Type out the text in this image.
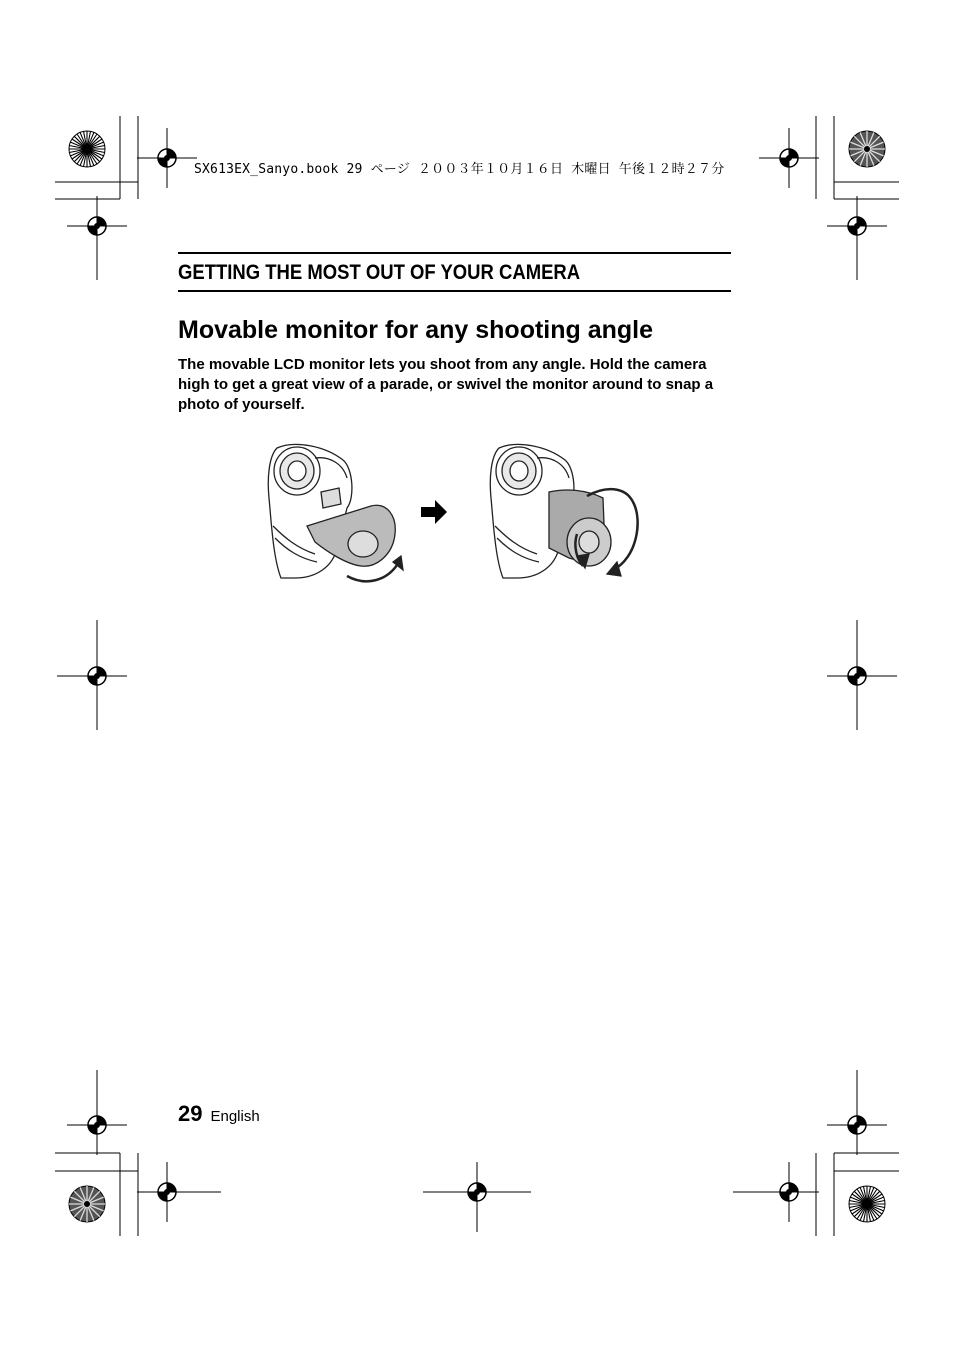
SX613EX_Sanyo.book 29 ページ ２００３年１０月１６日 木曜日 午後１２時２７分
GETTING THE MOST OUT OF YOUR CAMERA
Movable monitor for any shooting angle
The movable LCD monitor lets you shoot from any angle. Hold the camera high to get a great view of a parade, or swivel the monitor around to snap a photo of yourself.
29 English
